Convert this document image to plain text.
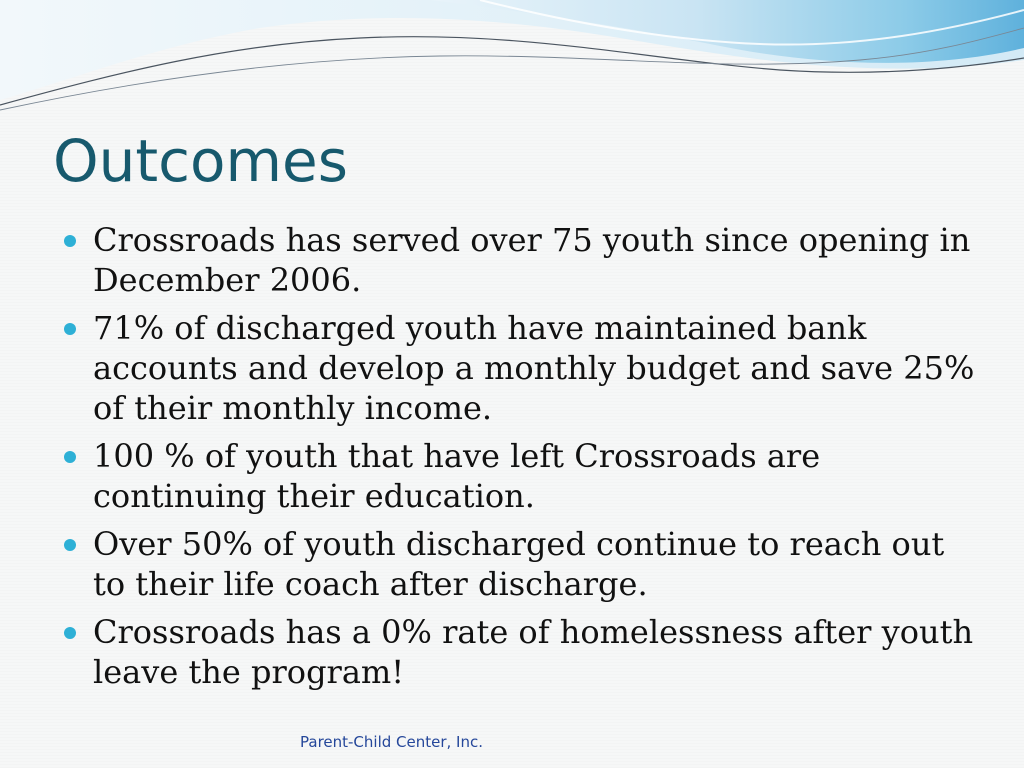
Outcomes
Crossroads has served over 75 youth since opening in December 2006.
71% of discharged youth have maintained bank accounts and develop a monthly budget and save 25% of their monthly income.
100 % of youth that have left Crossroads are continuing their education.
Over 50% of youth discharged continue to reach out to their life coach after discharge.
Crossroads has a 0% rate of homelessness after youth leave the program!
Parent-Child Center, Inc.
